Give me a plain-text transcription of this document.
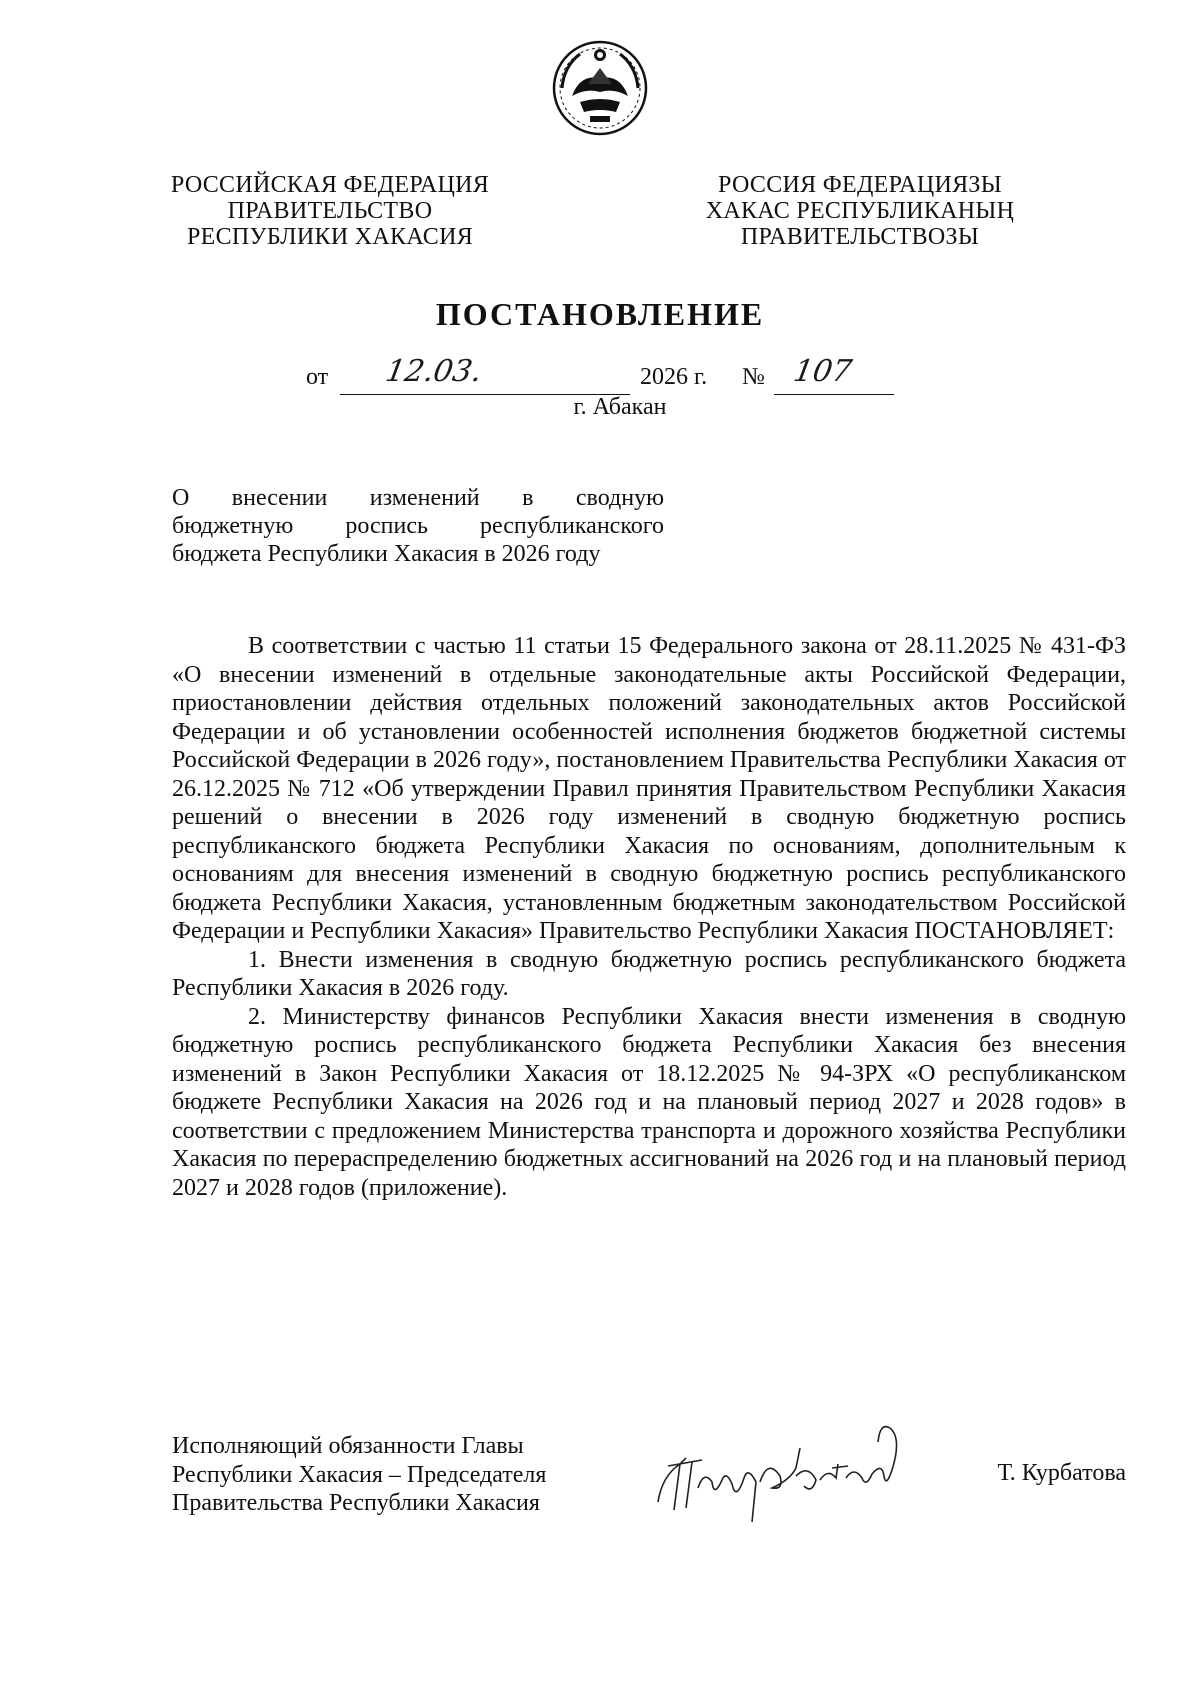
РОССИЙСКАЯ ФЕДЕРАЦИЯ
ПРАВИТЕЛЬСТВО
РЕСПУБЛИКИ ХАКАСИЯ
РОССИЯ ФЕДЕРАЦИЯЗЫ
ХАКАС РЕСПУБЛИКАНЫҢ
ПРАВИТЕЛЬСТВОЗЫ
ПОСТАНОВЛЕНИЕ
от 12.03.	2026 г. № 107
г. Абакан
О внесении изменений в сводную
бюджетную роспись республиканского
бюджета Республики Хакасия в 2026 году

В соответствии с частью 11 статьи 15 Федерального закона от 28.11.2025 № 431-ФЗ «О внесении изменений в отдельные законодательные акты Российской Федерации, приостановлении действия отдельных положений законодательных актов Российской Федерации и об установлении особенностей исполнения бюджетов бюджетной системы Российской Федерации в 2026 году», постановлением Правительства Республики Хакасия от 26.12.2025 № 712 «Об утверждении Правил принятия Правительством Республики Хакасия решений о внесении в 2026 году изменений в сводную бюджетную роспись республиканского бюджета Республики Хакасия по основаниям, дополнительным к основаниям для внесения изменений в сводную бюджетную роспись республиканского бюджета Республики Хакасия, установленным бюджетным законодательством Российской Федерации и Республики Хакасия» Правительство Республики Хакасия ПОСТАНОВЛЯЕТ:

1. Внести изменения в сводную бюджетную роспись республиканского бюджета Республики Хакасия в 2026 году.

2. Министерству финансов Республики Хакасия внести изменения в сводную бюджетную роспись республиканского бюджета Республики Хакасия без внесения изменений в Закон Республики Хакасия от 18.12.2025 № 94-ЗРХ «О республиканском бюджете Республики Хакасия на 2026 год и на плановый период 2027 и 2028 годов» в соответствии с предложением Министерства транспорта и дорожного хозяйства Республики Хакасия по перераспределению бюджетных ассигнований на 2026 год и на плановый период 2027 и 2028 годов (приложение).

Исполняющий обязанности Главы
Республики Хакасия – Председателя
Правительства Республики Хакасия
Т. Курбатова
